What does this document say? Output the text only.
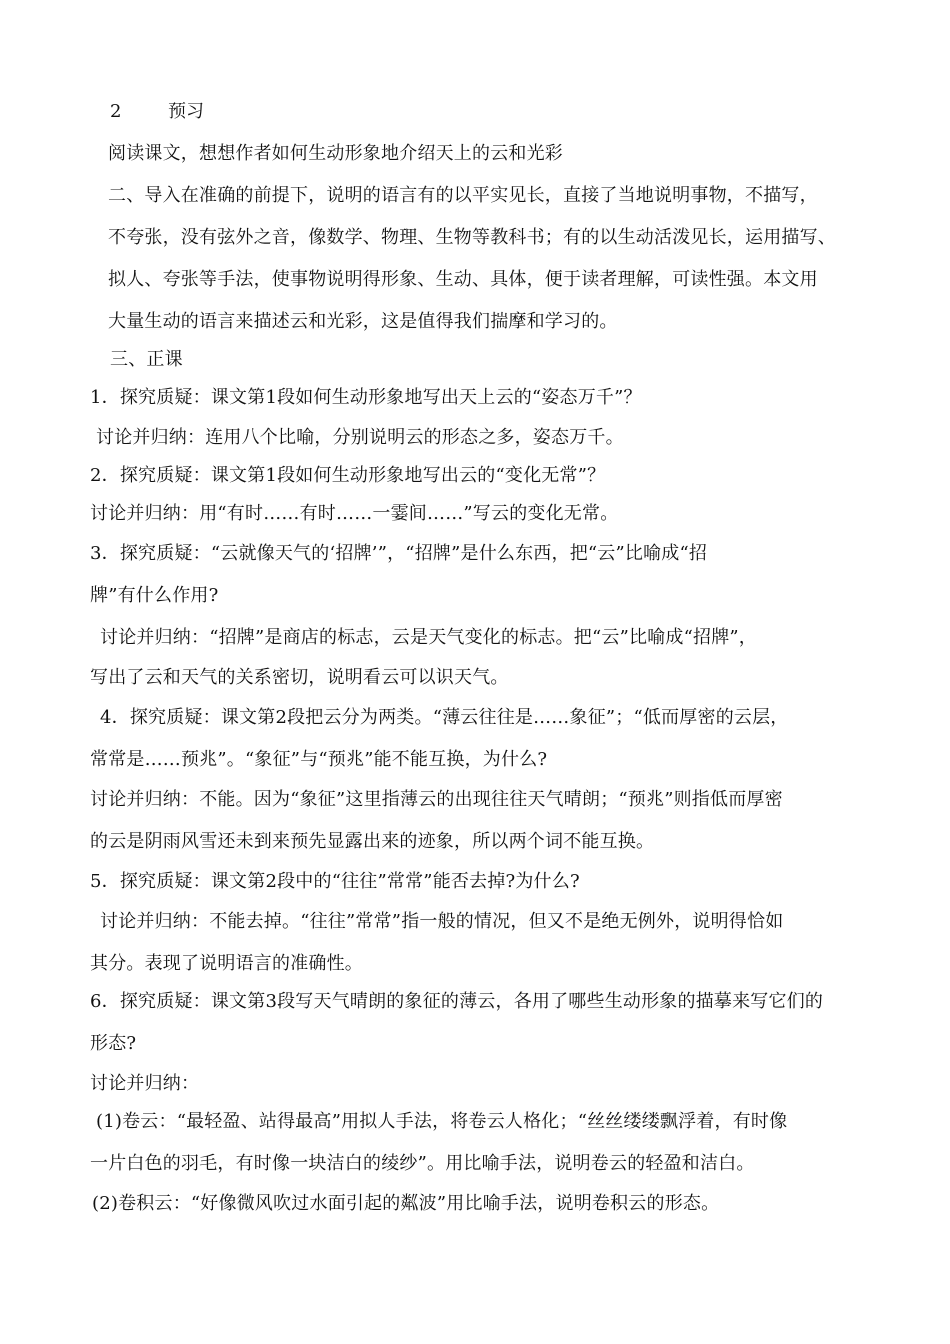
2	预习
阅读课文，想想作者如何生动形象地介绍天上的云和光彩
二、导入在准确的前提下，说明的语言有的以平实见长，直接了当地说明事物，不描写，
不夸张，没有弦外之音，像数学、物理、生物等教科书；有的以生动活泼见长，运用描写、
拟人、夸张等手法，使事物说明得形象、生动、具体，便于读者理解，可读性强。本文用
大量生动的语言来描述云和光彩，这是值得我们揣摩和学习的。
三、正课
1．探究质疑：课文第1段如何生动形象地写出天上云的“姿态万千”？
讨论并归纳：连用八个比喻，分别说明云的形态之多，姿态万千。
2．探究质疑：课文第1段如何生动形象地写出云的“变化无常”？
讨论并归纳：用“有时……有时……一霎间……”写云的变化无常。
3．探究质疑：“云就像天气的‘招牌’”，“招牌”是什么东西，把“云”比喻成“招
牌”有什么作用?
讨论并归纳：“招牌”是商店的标志，云是天气变化的标志。把“云”比喻成“招牌”，
写出了云和天气的关系密切，说明看云可以识天气。
4．探究质疑：课文第2段把云分为两类。“薄云往往是……象征”；“低而厚密的云层，
常常是……预兆”。“象征”与“预兆”能不能互换，为什么?
讨论并归纳：不能。因为“象征”这里指薄云的出现往往天气晴朗；“预兆”则指低而厚密
的云是阴雨风雪还未到来预先显露出来的迹象，所以两个词不能互换。
5．探究质疑：课文第2段中的“往往”常常”能否去掉?为什么?
讨论并归纳：不能去掉。“往往”常常”指一般的情况，但又不是绝无例外，说明得恰如
其分。表现了说明语言的准确性。
6．探究质疑：课文第3段写天气晴朗的象征的薄云，各用了哪些生动形象的描摹来写它们的
形态?
讨论并归纳：
(1)卷云：“最轻盈、站得最高”用拟人手法，将卷云人格化；“丝丝缕缕飘浮着，有时像
一片白色的羽毛，有时像一块洁白的绫纱”。用比喻手法，说明卷云的轻盈和洁白。
(2)卷积云：“好像微风吹过水面引起的粼波”用比喻手法，说明卷积云的形态。
